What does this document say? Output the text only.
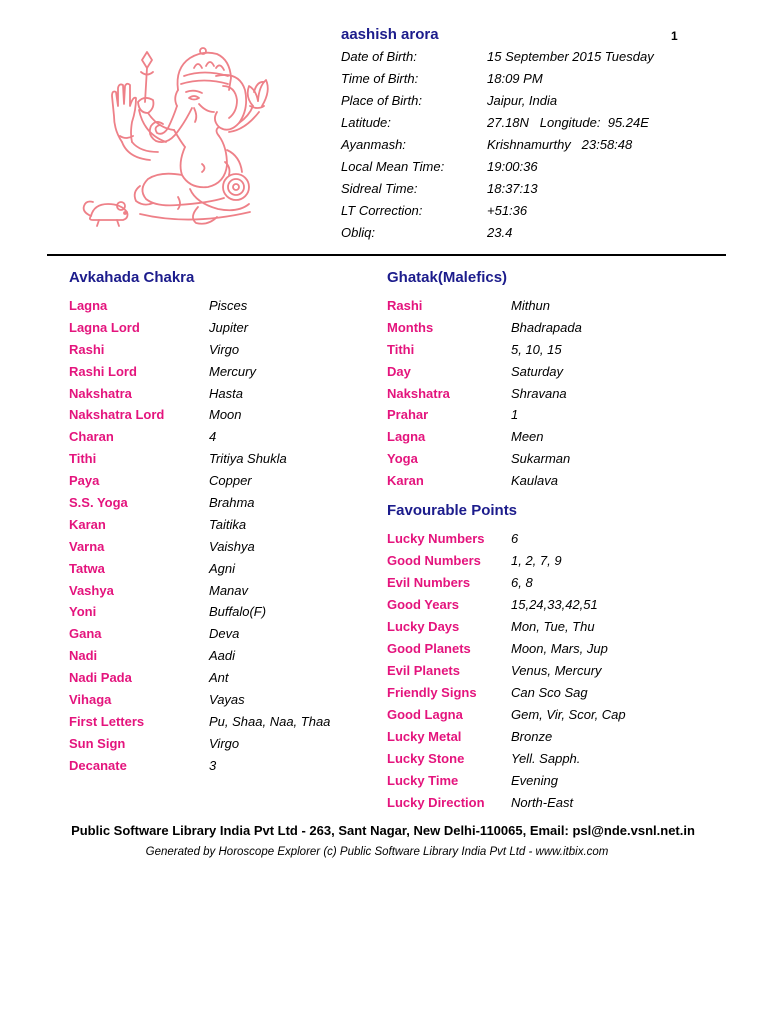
aashish arora	1
Date of Birth:	15 September 2015 Tuesday
Time of Birth:	18:09 PM
Place of Birth:	Jaipur, India
Latitude:	27.18N   Longitude:  95.24E
Ayanmash:	Krishnamurthy   23:58:48
Local Mean Time:	19:00:36
Sidreal Time:	18:37:13
LT Correction:	+51:36
Obliq:	23.4
Avkahada Chakra
Lagna	Pisces
Lagna Lord	Jupiter
Rashi	Virgo
Rashi Lord	Mercury
Nakshatra	Hasta
Nakshatra Lord	Moon
Charan	4
Tithi	Tritiya Shukla
Paya	Copper
S.S. Yoga	Brahma
Karan	Taitika
Varna	Vaishya
Tatwa	Agni
Vashya	Manav
Yoni	Buffalo(F)
Gana	Deva
Nadi	Aadi
Nadi Pada	Ant
Vihaga	Vayas
First Letters	Pu, Shaa, Naa, Thaa
Sun Sign	Virgo
Decanate	3
Ghatak(Malefics)
Rashi	Mithun
Months	Bhadrapada
Tithi	5, 10, 15
Day	Saturday
Nakshatra	Shravana
Prahar	1
Lagna	Meen
Yoga	Sukarman
Karan	Kaulava
Favourable Points
Lucky Numbers 6
Good Numbers 1, 2, 7, 9
Evil Numbers	6, 8
Good Years	15,24,33,42,51
Lucky Days	Mon, Tue, Thu
Good Planets	Moon, Mars, Jup
Evil Planets	Venus, Mercury
Friendly Signs	Can Sco Sag
Good Lagna	Gem, Vir, Scor, Cap
Lucky Metal	Bronze
Lucky Stone	Yell. Sapph.
Lucky Time	Evening
Lucky Direction North-East
Public Software Library India Pvt Ltd - 263, Sant Nagar, New Delhi-110065, Email: psl@nde.vsnl.net.in
Generated by Horoscope Explorer (c) Public Software Library India Pvt Ltd - www.itbix.com
